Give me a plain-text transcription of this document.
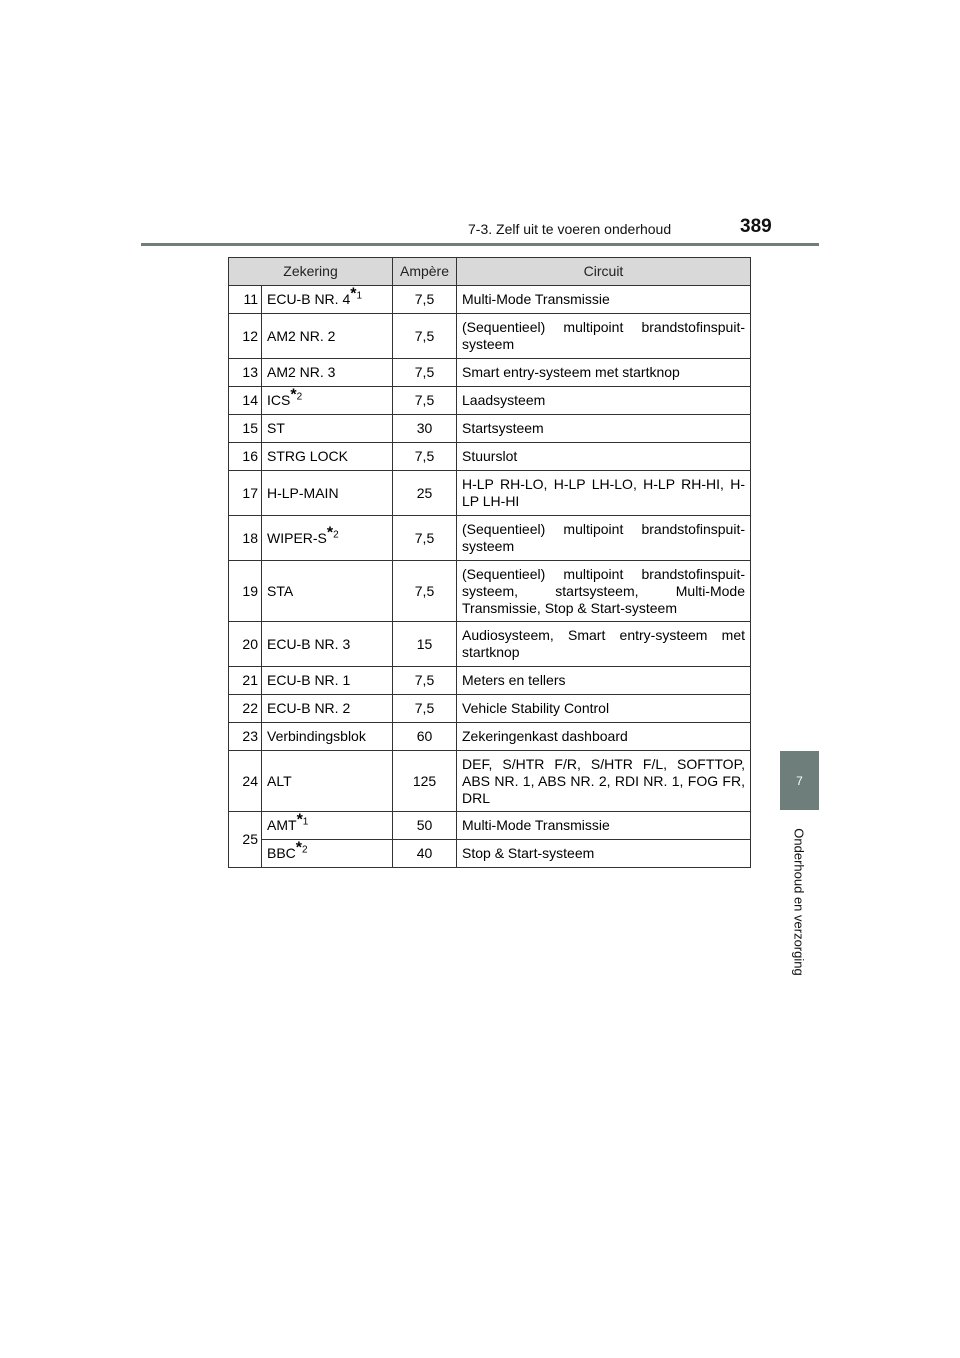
7-3. Zelf uit te voeren onderhoud	389
7
Onderhoud en verzorging
Zekering		Ampère	Circuit
11	ECU-B NR. 4*$^1$	7,5	Multi-Mode Transmissie
12	AM2 NR. 2	7,5	(Sequentieel) multipoint brandstofinspuit-systeem
13	AM2 NR. 3	7,5	Smart entry-systeem met startknop
14	ICS*$^2$	7,5	Laadsysteem
15	ST	30	Startsysteem
16	STRG LOCK	7,5	Stuurslot
17	H-LP-MAIN	25	H-LP RH-LO, H-LP LH-LO, H-LP RH-HI, H-LP LH-HI
18	WIPER-S*$^2$	7,5	(Sequentieel) multipoint brandstofinspuit-systeem
19	STA	7,5	(Sequentieel) multipoint brandstofinspuit-systeem, startsysteem, Multi-Mode Transmissie, Stop & Start-systeem
20	ECU-B NR. 3	15	Audiosysteem, Smart entry-systeem met startknop
21	ECU-B NR. 1	7,5	Meters en tellers
22	ECU-B NR. 2	7,5	Vehicle Stability Control
23	Verbindingsblok	60	Zekeringenkast dashboard
24	ALT	125	DEF, S/HTR F/R, S/HTR F/L, SOFTTOP, ABS NR. 1, ABS NR. 2, RDI NR. 1, FOG FR, DRL
25	AMT*$^1$	50	Multi-Mode Transmissie
	BBC*$^2$	40	Stop & Start-systeem
